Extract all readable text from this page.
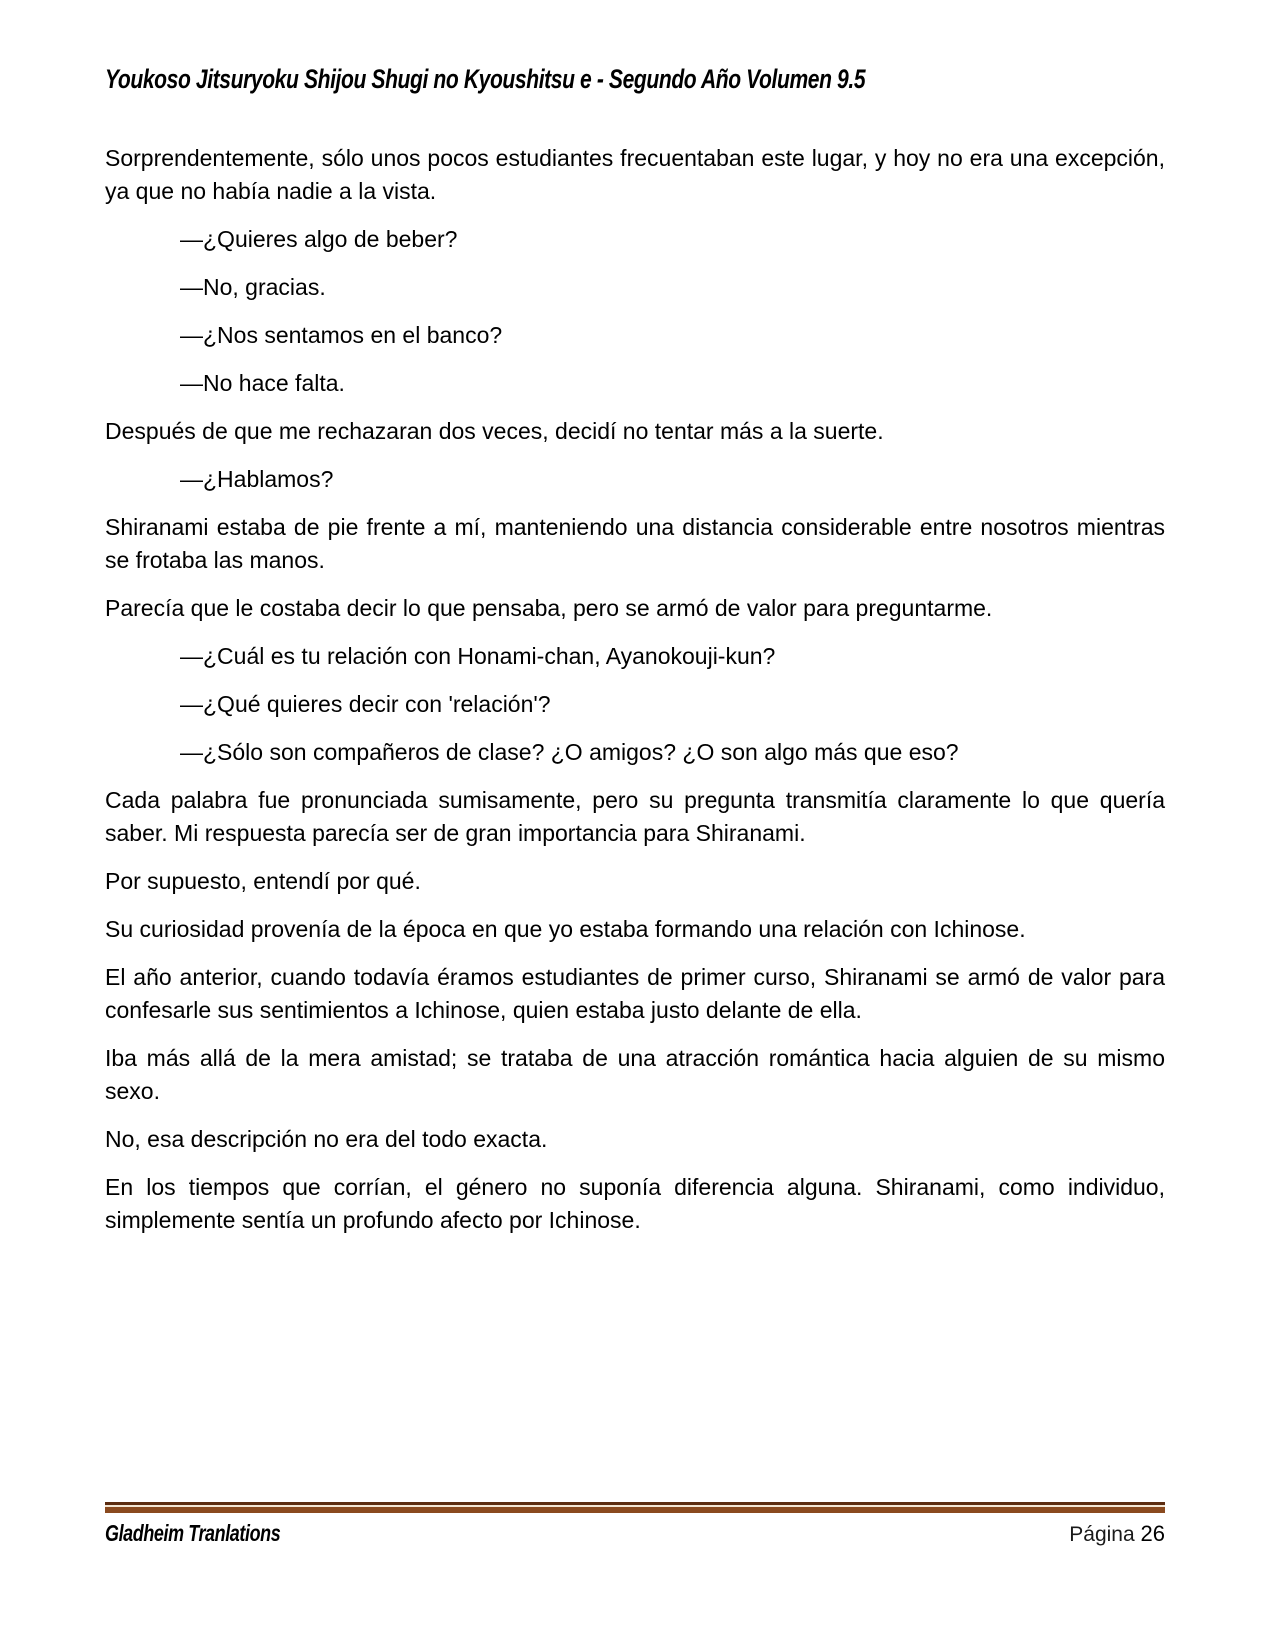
Youkoso Jitsuryoku Shijou Shugi no Kyoushitsu e - Segundo Año Volumen 9.5

Sorprendentemente, sólo unos pocos estudiantes frecuentaban este lugar, y hoy no era una excepción, ya que no había nadie a la vista.

—¿Quieres algo de beber?

—No, gracias.

—¿Nos sentamos en el banco?

—No hace falta.

Después de que me rechazaran dos veces, decidí no tentar más a la suerte.

—¿Hablamos?

Shiranami estaba de pie frente a mí, manteniendo una distancia considerable entre nosotros mientras se frotaba las manos.

Parecía que le costaba decir lo que pensaba, pero se armó de valor para preguntarme.

—¿Cuál es tu relación con Honami-chan, Ayanokouji-kun?

—¿Qué quieres decir con 'relación'?

—¿Sólo son compañeros de clase? ¿O amigos? ¿O son algo más que eso?

Cada palabra fue pronunciada sumisamente, pero su pregunta transmitía claramente lo que quería saber. Mi respuesta parecía ser de gran importancia para Shiranami.

Por supuesto, entendí por qué.

Su curiosidad provenía de la época en que yo estaba formando una relación con Ichinose.

El año anterior, cuando todavía éramos estudiantes de primer curso, Shiranami se armó de valor para confesarle sus sentimientos a Ichinose, quien estaba justo delante de ella.

Iba más allá de la mera amistad; se trataba de una atracción romántica hacia alguien de su mismo sexo.

No, esa descripción no era del todo exacta.

En los tiempos que corrían, el género no suponía diferencia alguna. Shiranami, como individuo, simplemente sentía un profundo afecto por Ichinose.

Gladheim Tranlations	Página 26
